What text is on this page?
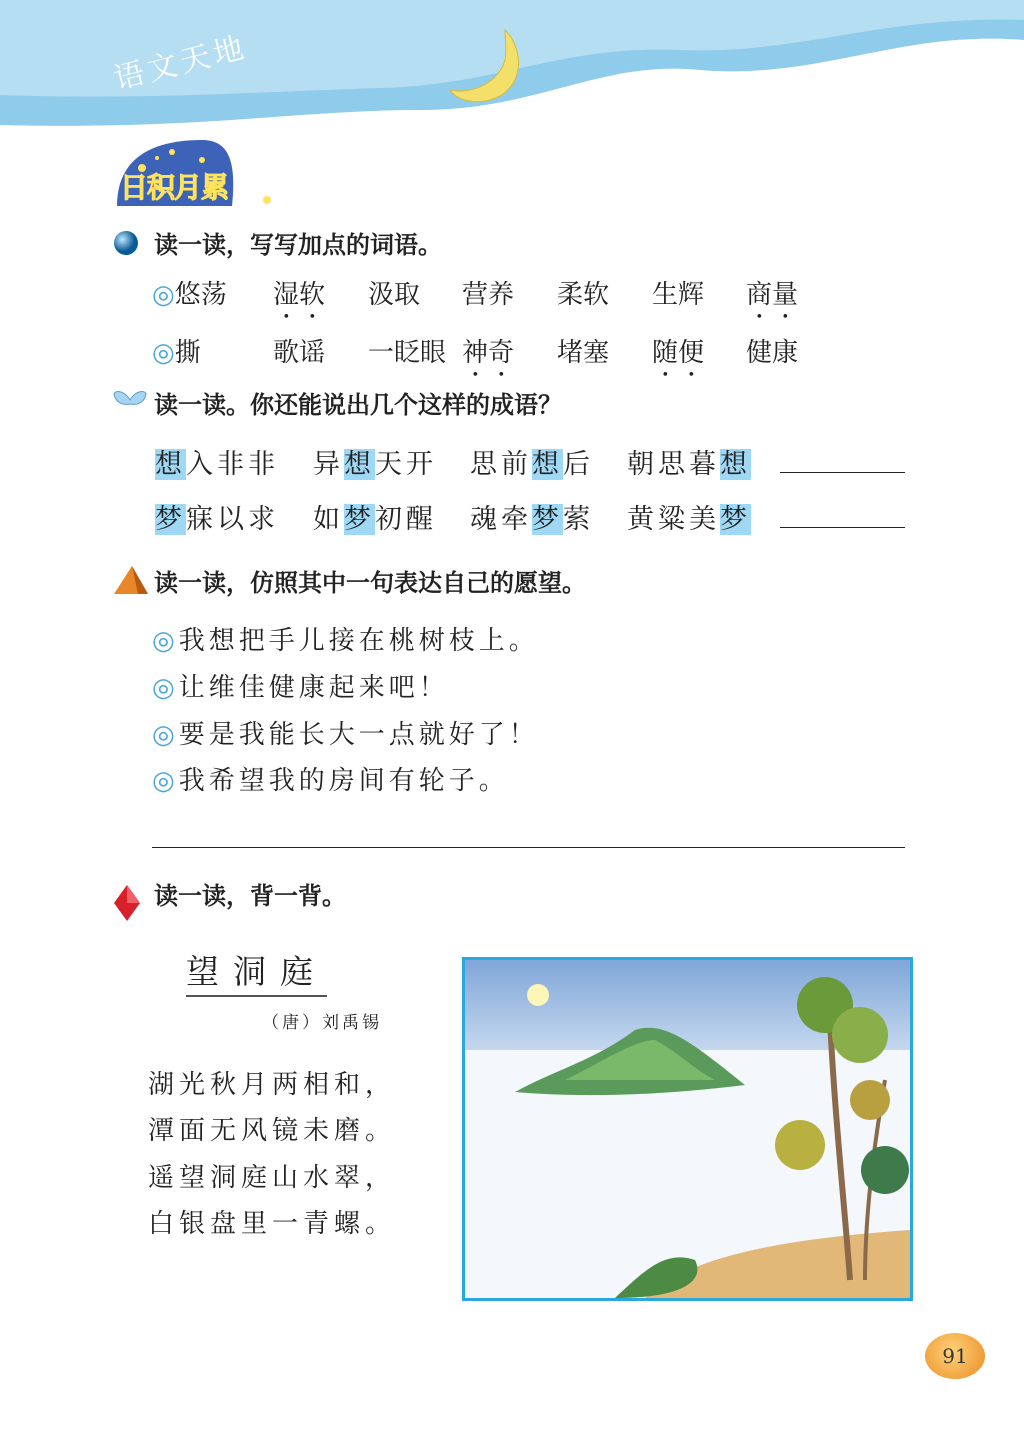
语文天地
日积月累
读一读，写写加点的词语。
◎悠荡 湿软 汲取 营养 柔软 生辉 商量
◎撕	歌谣 一眨眼 神奇 堵塞 随便 健康
读一读。你还能说出几个这样的成语？
想入非非 异想天开 思前想后 朝思暮想
梦寐以求 如梦初醒 魂牵梦萦 黄粱美梦
读一读，仿照其中一句表达自己的愿望。
◎我想把手儿接在桃树枝上。
◎让维佳健康起来吧！
◎要是我能长大一点就好了！
◎我希望我的房间有轮子。
读一读，背一背。
望洞庭
（唐）刘禹锡
湖光秋月两相和，
潭面无风镜未磨。
遥望洞庭山水翠，
白银盘里一青螺。
91
